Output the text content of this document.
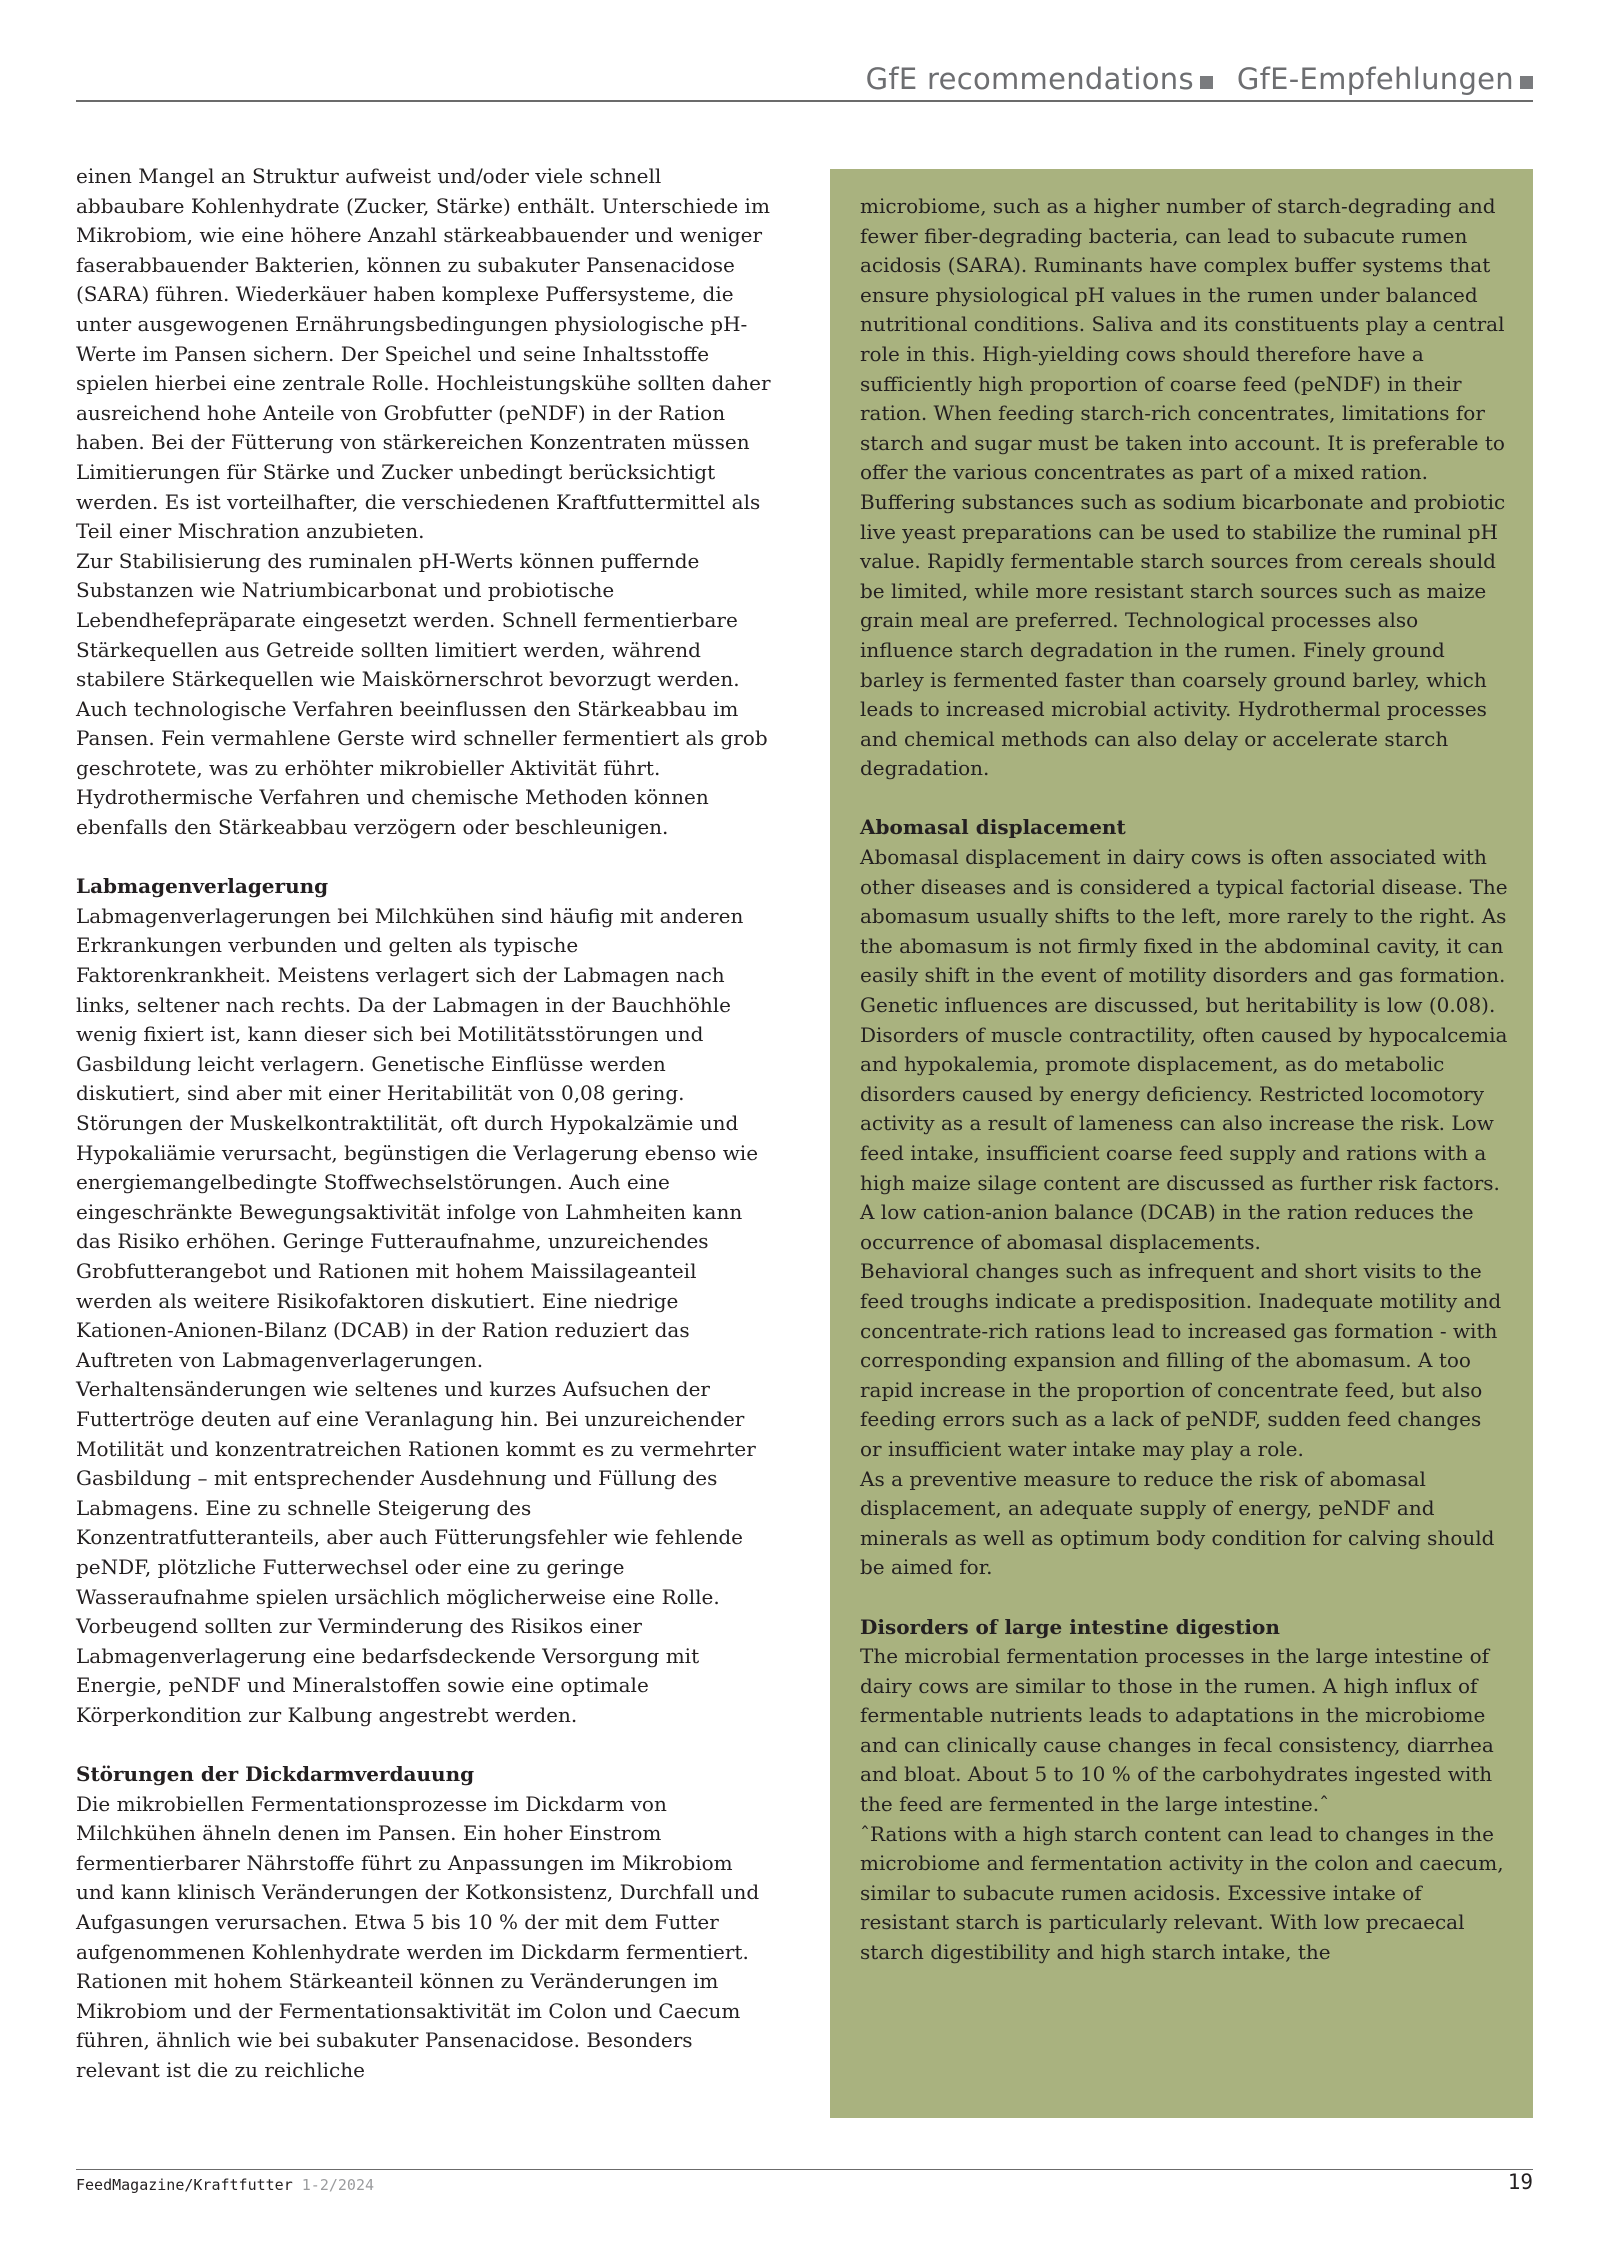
GfE recommendations	GfE-Empfehlungen

einen Mangel an Struktur aufweist und/oder viele schnell abbaubare Kohlenhydrate (Zucker, Stärke) enthält. Unterschiede im Mikrobiom, wie eine höhere Anzahl stärkeabbauender und weniger faserabbauender Bakterien, können zu subakuter Pansenacidose (SARA) führen. Wiederkäuer haben komplexe Puffersysteme, die unter ausgewogenen Ernährungsbedingungen physiologische pH-Werte im Pansen sichern. Der Speichel und seine Inhaltsstoffe spielen hierbei eine zentrale Rolle. Hochleistungskühe sollten daher ausreichend hohe Anteile von Grobfutter (peNDF) in der Ration haben. Bei der Fütterung von stärkereichen Konzentraten müssen Limitierungen für Stärke und Zucker unbedingt berücksichtigt werden. Es ist vorteilhafter, die verschiedenen Kraftfuttermittel als Teil einer Mischration anzubieten.

Zur Stabilisierung des ruminalen pH-Werts können puffernde Substanzen wie Natriumbicarbonat und probiotische Lebendhefepräparate eingesetzt werden. Schnell fermentierbare Stärkequellen aus Getreide sollten limitiert werden, während stabilere Stärkequellen wie Maiskörnerschrot bevorzugt werden. Auch technologische Verfahren beeinflussen den Stärkeabbau im Pansen. Fein vermahlene Gerste wird schneller fermentiert als grob geschrotete, was zu erhöhter mikrobieller Aktivität führt. Hydrothermische Verfahren und chemische Methoden können ebenfalls den Stärkeabbau verzögern oder beschleunigen.

Labmagenverlagerung

Labmagenverlagerungen bei Milchkühen sind häufig mit anderen Erkrankungen verbunden und gelten als typische Faktorenkrankheit. Meistens verlagert sich der Labmagen nach links, seltener nach rechts. Da der Labmagen in der Bauchhöhle wenig fixiert ist, kann dieser sich bei Motilitätsstörungen und Gasbildung leicht verlagern. Genetische Einflüsse werden diskutiert, sind aber mit einer Heritabilität von 0,08 gering.

Störungen der Muskelkontraktilität, oft durch Hypokalzämie und Hypokaliämie verursacht, begünstigen die Verlagerung ebenso wie energiemangelbedingte Stoffwechselstörungen. Auch eine eingeschränkte Bewegungsaktivität infolge von Lahmheiten kann das Risiko erhöhen. Geringe Futteraufnahme, unzureichendes Grobfutterangebot und Rationen mit hohem Maissilageanteil werden als weitere Risikofaktoren diskutiert. Eine niedrige Kationen-Anionen-Bilanz (DCAB) in der Ration reduziert das Auftreten von Labmagenverlagerungen.

Verhaltensänderungen wie seltenes und kurzes Aufsuchen der Futtertröge deuten auf eine Veranlagung hin. Bei unzureichender Motilität und konzentratreichen Rationen kommt es zu vermehrter Gasbildung – mit entsprechender Ausdehnung und Füllung des Labmagens. Eine zu schnelle Steigerung des Konzentratfutteranteils, aber auch Fütterungsfehler wie fehlende peNDF, plötzliche Futterwechsel oder eine zu geringe Wasseraufnahme spielen ursächlich möglicherweise eine Rolle.

Vorbeugend sollten zur Verminderung des Risikos einer Labmagenverlagerung eine bedarfsdeckende Versorgung mit Energie, peNDF und Mineralstoffen sowie eine optimale Körperkondition zur Kalbung angestrebt werden.

Störungen der Dickdarmverdauung

Die mikrobiellen Fermentationsprozesse im Dickdarm von Milchkühen ähneln denen im Pansen. Ein hoher Einstrom fermentierbarer Nährstoffe führt zu Anpassungen im Mikrobiom und kann klinisch Veränderungen der Kotkonsistenz, Durchfall und Aufgasungen verursachen. Etwa 5 bis 10 % der mit dem Futter aufgenommenen Kohlenhydrate werden im Dickdarm fermentiert. Rationen mit hohem Stärkeanteil können zu Veränderungen im Mikrobiom und der Fermentationsaktivität im Colon und Caecum führen, ähnlich wie bei subakuter Pansenacidose. Besonders relevant ist die zu reichliche

microbiome, such as a higher number of starch-degrading and fewer fiber-degrading bacteria, can lead to subacute rumen acidosis (SARA). Ruminants have complex buffer systems that ensure physiological pH values in the rumen under balanced nutritional conditions. Saliva and its constituents play a central role in this. High-yielding cows should therefore have a sufficiently high proportion of coarse feed (peNDF) in their ration. When feeding starch-rich concentrates, limitations for starch and sugar must be taken into account. It is preferable to offer the various concentrates as part of a mixed ration.

Buffering substances such as sodium bicarbonate and probiotic live yeast preparations can be used to stabilize the ruminal pH value. Rapidly fermentable starch sources from cereals should be limited, while more resistant starch sources such as maize grain meal are preferred. Technological processes also influence starch degradation in the rumen. Finely ground barley is fermented faster than coarsely ground barley, which leads to increased microbial activity. Hydrothermal processes and chemical methods can also delay or accelerate starch degradation.

Abomasal displacement

Abomasal displacement in dairy cows is often associated with other diseases and is considered a typical factorial disease. The abomasum usually shifts to the left, more rarely to the right. As the abomasum is not firmly fixed in the abdominal cavity, it can easily shift in the event of motility disorders and gas formation. Genetic influences are discussed, but heritability is low (0.08).

Disorders of muscle contractility, often caused by hypocalcemia and hypokalemia, promote displacement, as do metabolic disorders caused by energy deficiency. Restricted locomotory activity as a result of lameness can also increase the risk. Low feed intake, insufficient coarse feed supply and rations with a high maize silage content are discussed as further risk factors. A low cation-anion balance (DCAB) in the ration reduces the occurrence of abomasal displacements.

Behavioral changes such as infrequent and short visits to the feed troughs indicate a predisposition. Inadequate motility and concentrate-rich rations lead to increased gas formation - with corresponding expansion and filling of the abomasum. A too rapid increase in the proportion of concentrate feed, but also feeding errors such as a lack of peNDF, sudden feed changes or insufficient water intake may play a role.

As a preventive measure to reduce the risk of abomasal displacement, an adequate supply of energy, peNDF and minerals as well as optimum body condition for calving should be aimed for.

Disorders of large intestine digestion

The microbial fermentation processes in the large intestine of dairy cows are similar to those in the rumen. A high influx of fermentable nutrients leads to adaptations in the microbiome and can clinically cause changes in fecal consistency, diarrhea and bloat. About 5 to 10 % of the carbohydrates ingested with the feed are fermented in the large intestine.ˆ

ˆRations with a high starch content can lead to changes in the microbiome and fermentation activity in the colon and caecum, similar to subacute rumen acidosis. Excessive intake of resistant starch is particularly relevant. With low precaecal starch digestibility and high starch intake, the

FeedMagazine/Kraftfutter 1-2/2024	19
